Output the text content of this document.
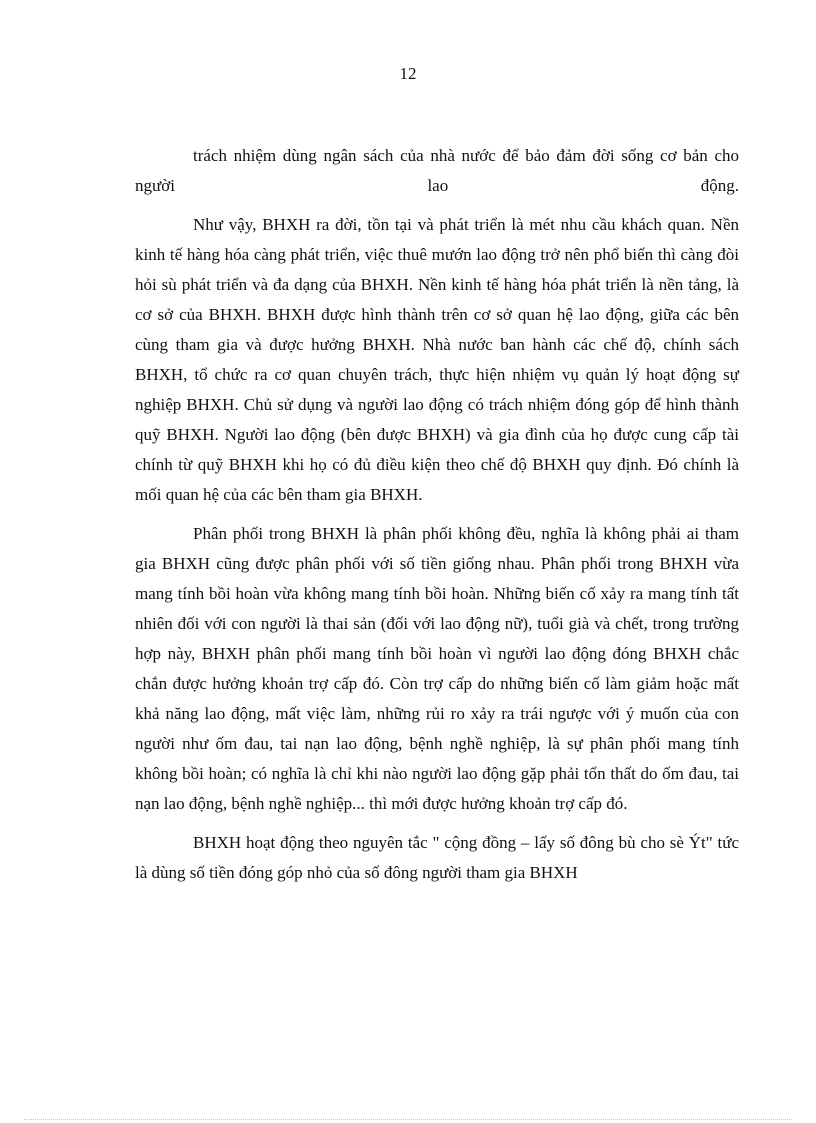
12

trách nhiệm dùng ngân sách của nhà nước để bảo đảm đời sống cơ bản cho người lao động.

Như vậy, BHXH ra đời, tồn tại và phát triển là mét nhu cầu khách quan. Nền kinh tế hàng hóa càng phát triển, việc thuê mướn lao động trở nên phổ biến thì càng đòi hỏi sù phát triển và đa dạng của BHXH. Nền kinh tế hàng hóa phát triển là nền tảng, là cơ sở của BHXH. BHXH được hình thành trên cơ sở quan hệ lao động, giữa các bên cùng tham gia và được hưởng BHXH. Nhà nước ban hành các chế độ, chính sách BHXH, tổ chức ra cơ quan chuyên trách, thực hiện nhiệm vụ quản lý hoạt động sự nghiệp BHXH. Chủ sử dụng và người lao động có trách nhiệm đóng góp để hình thành quỹ BHXH. Người lao động (bên được BHXH) và gia đình của họ được cung cấp tài chính từ quỹ BHXH khi họ có đủ điều kiện theo chế độ BHXH quy định. Đó chính là mối quan hệ của các bên tham gia BHXH.

Phân phối trong BHXH là phân phối không đều, nghĩa là không phải ai tham gia BHXH cũng được phân phối với số tiền giống nhau. Phân phối trong BHXH vừa mang tính bồi hoàn vừa không mang tính bồi hoàn. Những biến cố xảy ra mang tính tất nhiên đối với con người là thai sản (đối với lao động nữ), tuổi già và chết, trong trường hợp này, BHXH phân phối mang tính bồi hoàn vì người lao động đóng BHXH chắc chắn được hưởng khoản trợ cấp đó. Còn trợ cấp do những biến cố làm giảm hoặc mất khả năng lao động, mất việc làm, những rủi ro xảy ra trái ngược với ý muốn của con người như ốm đau, tai nạn lao động, bệnh nghề nghiệp, là sự phân phối mang tính không bồi hoàn; có nghĩa là chỉ khi nào người lao động gặp phải tổn thất do ốm đau, tai nạn lao động, bệnh nghề nghiệp... thì mới được hưởng khoản trợ cấp đó.

BHXH hoạt động theo nguyên tắc " cộng đồng – lấy số đông bù cho sè Ýt" tức là dùng số tiền đóng góp nhỏ của số đông người tham gia BHXH
